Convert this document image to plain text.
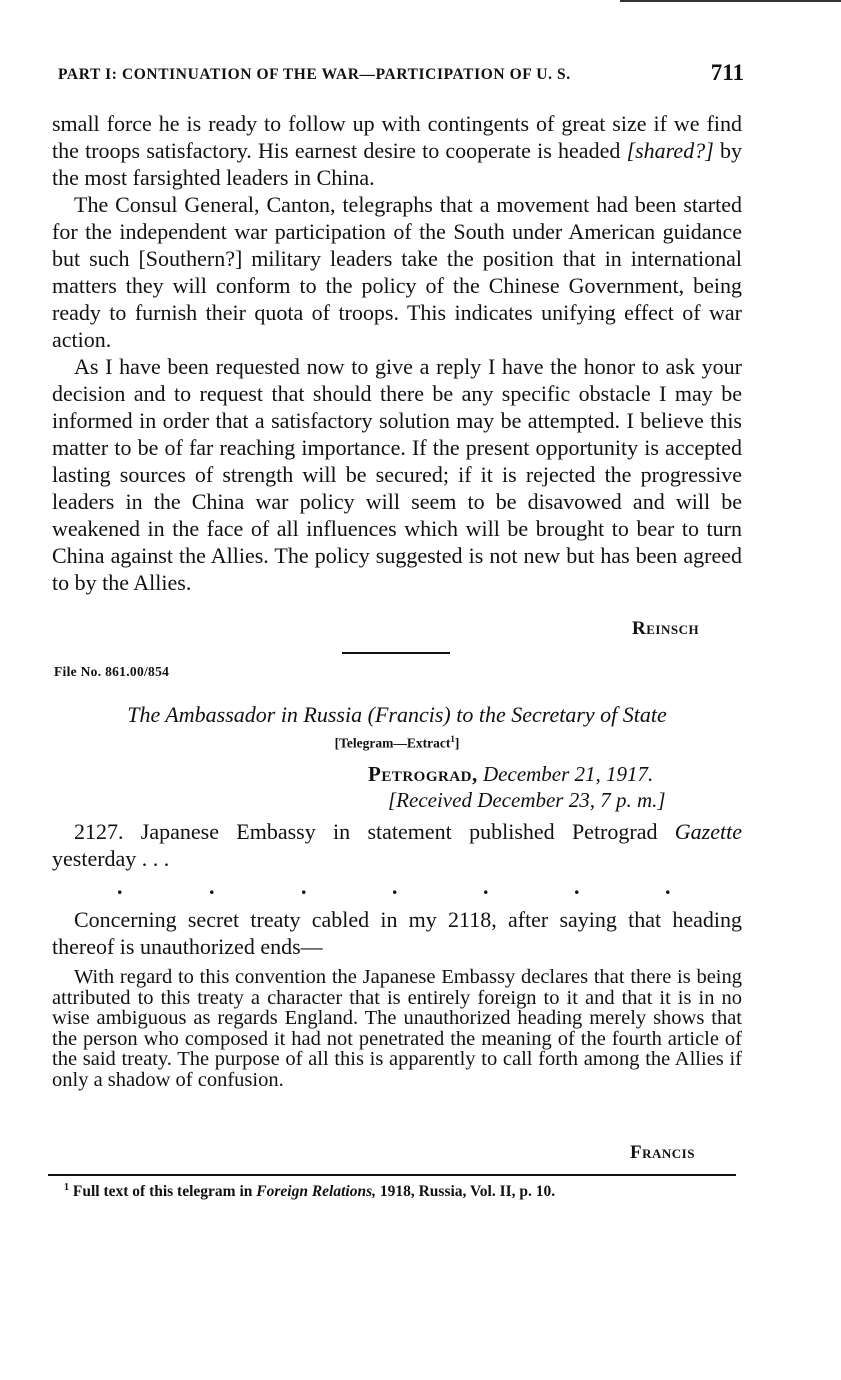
PART I: CONTINUATION OF THE WAR—PARTICIPATION OF U. S.	711

small force he is ready to follow up with contingents of great size if we find the troops satisfactory. His earnest desire to cooperate is headed [shared?] by the most farsighted leaders in China.

The Consul General, Canton, telegraphs that a movement had been started for the independent war participation of the South under American guidance but such [Southern?] military leaders take the position that in international matters they will conform to the policy of the Chinese Government, being ready to furnish their quota of troops. This indicates unifying effect of war action.

As I have been requested now to give a reply I have the honor to ask your decision and to request that should there be any specific obstacle I may be informed in order that a satisfactory solution may be attempted. I believe this matter to be of far reaching importance. If the present opportunity is accepted lasting sources of strength will be secured; if it is rejected the progressive leaders in the China war policy will seem to be disavowed and will be weakened in the face of all influences which will be brought to bear to turn China against the Allies. The policy suggested is not new but has been agreed to by the Allies.

Reinsch
File No. 861.00/854
The Ambassador in Russia (Francis) to the Secretary of State
[Telegram—Extract$^1$]
Petrograd, December 21, 1917.
[Received December 23, 7 p. m.]

2127. Japanese Embassy in statement published Petrograd Gazette yesterday . . .

.	.	.	.	.	.	.

Concerning secret treaty cabled in my 2118, after saying that heading thereof is unauthorized ends—

With regard to this convention the Japanese Embassy declares that there is being attributed to this treaty a character that is entirely foreign to it and that it is in no wise ambiguous as regards England. The unauthorized heading merely shows that the person who composed it had not penetrated the meaning of the fourth article of the said treaty. The purpose of all this is apparently to call forth among the Allies if only a shadow of confusion.

Francis
$^1$ Full text of this telegram in Foreign Relations, 1918, Russia, Vol. II, p. 10.
